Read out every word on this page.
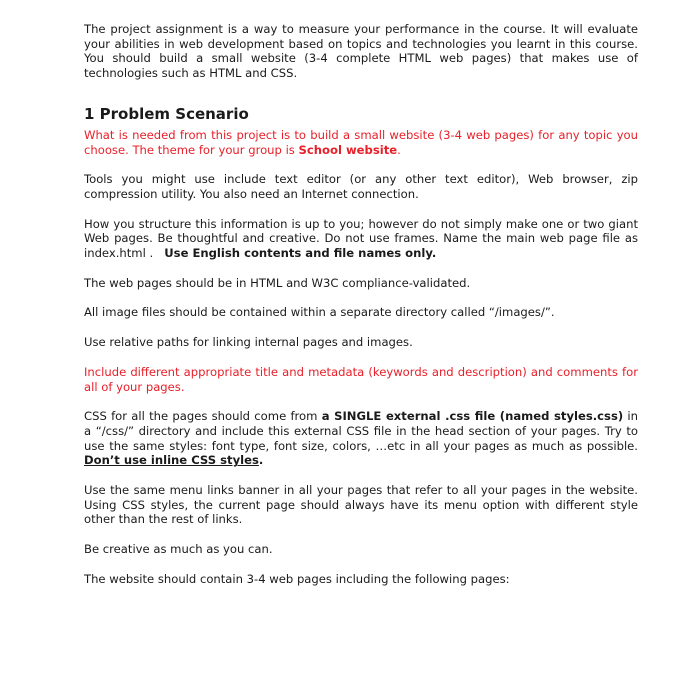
The project assignment is a way to measure your performance in the course. It will evaluate your abilities in web development based on topics and technologies you learnt in this course. You should build a small website (3-4 complete HTML web pages) that makes use of technologies such as HTML and CSS.

1 Problem Scenario

What is needed from this project is to build a small website (3-4 web pages) for any topic you choose. The theme for your group is School website.

Tools you might use include text editor (or any other text editor), Web browser, zip compression utility. You also need an Internet connection.

How you structure this information is up to you; however do not simply make one or two giant Web pages. Be thoughtful and creative. Do not use frames. Name the main web page file as index.html . Use English contents and file names only.

The web pages should be in HTML and W3C compliance-validated.

All image files should be contained within a separate directory called “/images/”.

Use relative paths for linking internal pages and images.

Include different appropriate title and metadata (keywords and description) and comments for all of your pages.

CSS for all the pages should come from a SINGLE external .css file (named styles.css) in a “/css/” directory and include this external CSS file in the head section of your pages. Try to use the same styles: font type, font size, colors, …etc in all your pages as much as possible. Don’t use inline CSS styles.

Use the same menu links banner in all your pages that refer to all your pages in the website. Using CSS styles, the current page should always have its menu option with different style other than the rest of links.

Be creative as much as you can.

The website should contain 3-4 web pages including the following pages:
